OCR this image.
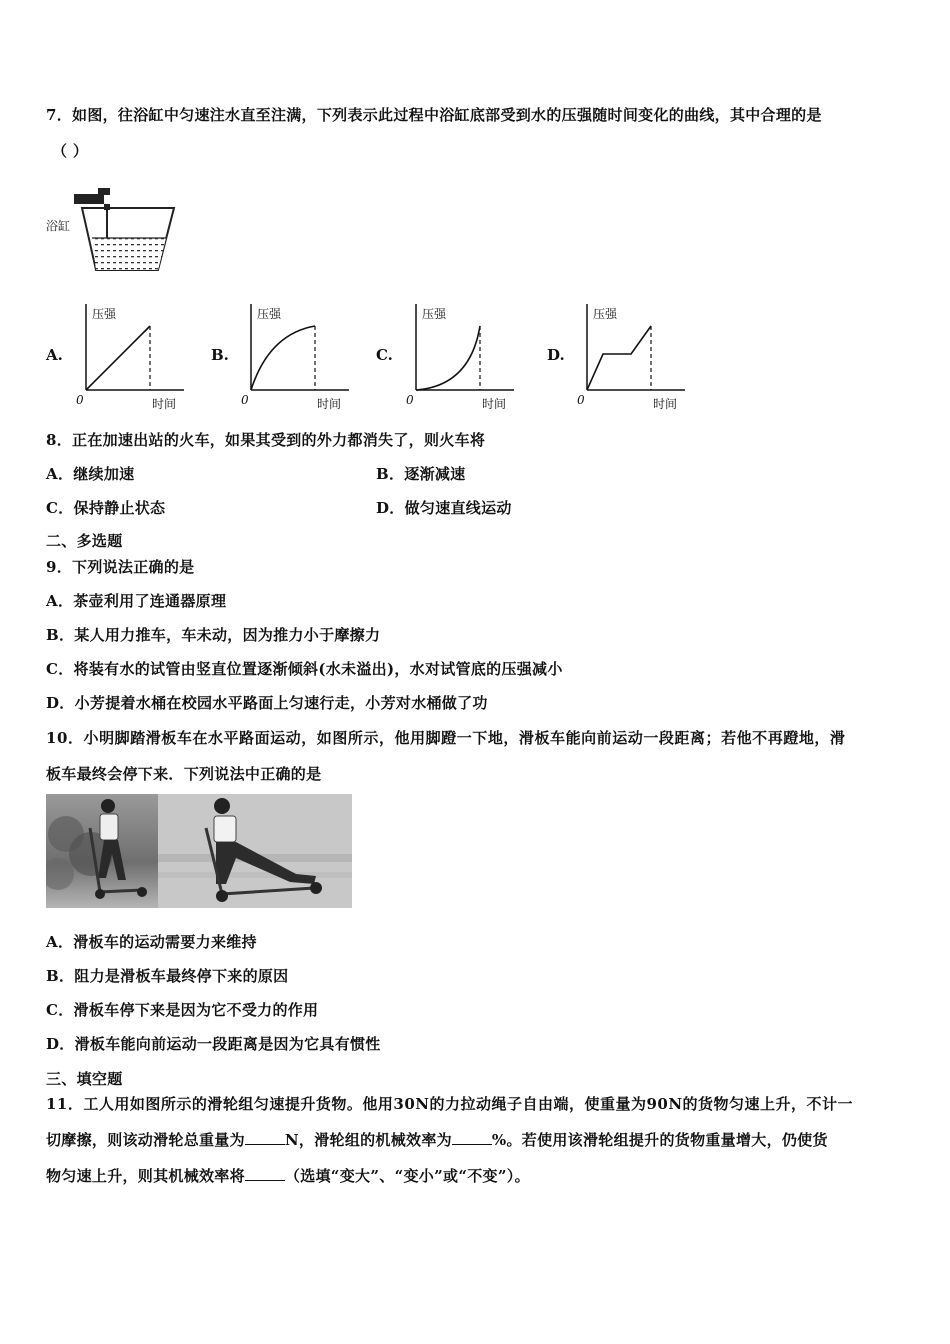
7．如图，往浴缸中匀速注水直至注满，下列表示此过程中浴缸底部受到水的压强随时间变化的曲线，其中合理的是
（ ）
浴缸
A.
压强
时间
0
B.
压强
时间
0
C.
压强
时间
0
D.
压强
时间
0
8．正在加速出站的火车，如果其受到的外力都消失了，则火车将
A．继续加速	B．逐渐减速
C．保持静止状态	D．做匀速直线运动
二、多选题
9．下列说法正确的是
A．茶壶利用了连通器原理
B．某人用力推车，车未动，因为推力小于摩擦力
C．将装有水的试管由竖直位置逐渐倾斜(水未溢出)，水对试管底的压强减小
D．小芳提着水桶在校园水平路面上匀速行走，小芳对水桶做了功
10．小明脚踏滑板车在水平路面运动，如图所示，他用脚蹬一下地，滑板车能向前运动一段距离；若他不再蹬地，滑
板车最终会停下来．下列说法中正确的是
A．滑板车的运动需要力来维持
B．阻力是滑板车最终停下来的原因
C．滑板车停下来是因为它不受力的作用
D．滑板车能向前运动一段距离是因为它具有惯性
三、填空题
11．工人用如图所示的滑轮组匀速提升货物。他用30N的力拉动绳子自由端，使重量为90N的货物匀速上升，不计一
切摩擦，则该动滑轮总重量为	N，滑轮组的机械效率为	%。若使用该滑轮组提升的货物重量增大，仍使货
物匀速上升，则其机械效率将	（选填“变大”、“变小”或“不变”）。
